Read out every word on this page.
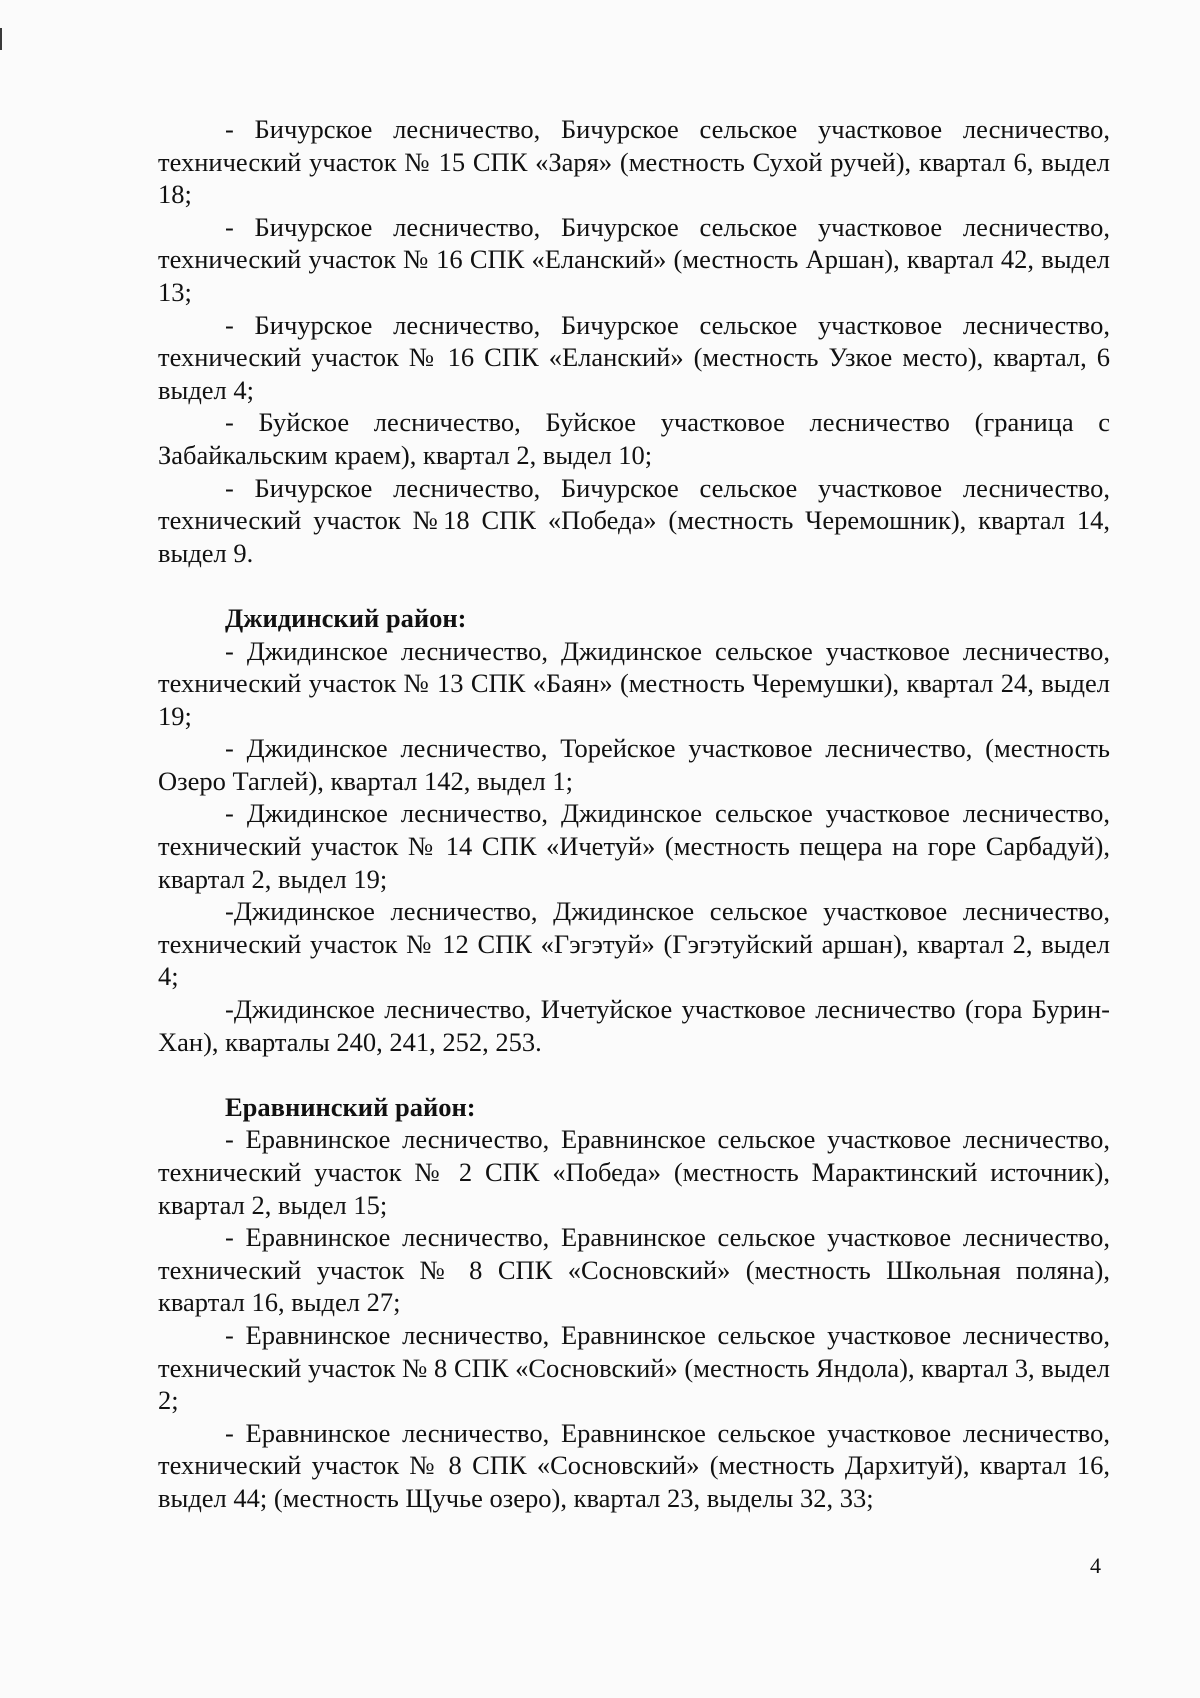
- Бичурское лесничество, Бичурское сельское участковое лесничество, технический участок № 15 СПК «Заря» (местность Сухой ручей), квартал 6, выдел 18;

- Бичурское лесничество, Бичурское сельское участковое лесничество, технический участок № 16 СПК «Еланский» (местность Аршан), квартал 42, выдел 13;

- Бичурское лесничество, Бичурское сельское участковое лесничество, технический участок № 16 СПК «Еланский» (местность Узкое место), квартал, 6 выдел 4;

- Буйское лесничество, Буйское участковое лесничество (граница с Забайкальским краем), квартал 2, выдел 10;

- Бичурское лесничество, Бичурское сельское участковое лесничество, технический участок №18 СПК «Победа» (местность Черемошник), квартал 14, выдел 9.

Джидинский район:

- Джидинское лесничество, Джидинское сельское участковое лесничество, технический участок № 13 СПК «Баян» (местность Черемушки), квартал 24, выдел 19;

- Джидинское лесничество, Торейское участковое лесничество, (местность Озеро Таглей), квартал 142, выдел 1;

- Джидинское лесничество, Джидинское сельское участковое лесничество, технический участок № 14 СПК «Ичетуй» (местность пещера на горе Сарбадуй), квартал 2, выдел 19;

-Джидинское лесничество, Джидинское сельское участковое лесничество, технический участок № 12 СПК «Гэгэтуй» (Гэгэтуйский аршан), квартал 2, выдел 4;

-Джидинское лесничество, Ичетуйское участковое лесничество (гора Бурин-Хан), кварталы 240, 241, 252, 253.

Еравнинский район:

- Еравнинское лесничество, Еравнинское сельское участковое лесничество, технический участок № 2 СПК «Победа» (местность Марактинский источник), квартал 2, выдел 15;

- Еравнинское лесничество, Еравнинское сельское участковое лесничество, технический участок № 8 СПК «Сосновский» (местность Школьная поляна), квартал 16, выдел 27;

- Еравнинское лесничество, Еравнинское сельское участковое лесничество, технический участок № 8 СПК «Сосновский» (местность Яндола), квартал 3, выдел 2;

- Еравнинское лесничество, Еравнинское сельское участковое лесничество, технический участок № 8 СПК «Сосновский» (местность Дархитуй), квартал 16, выдел 44; (местность Щучье озеро), квартал 23, выделы 32, 33;

4
